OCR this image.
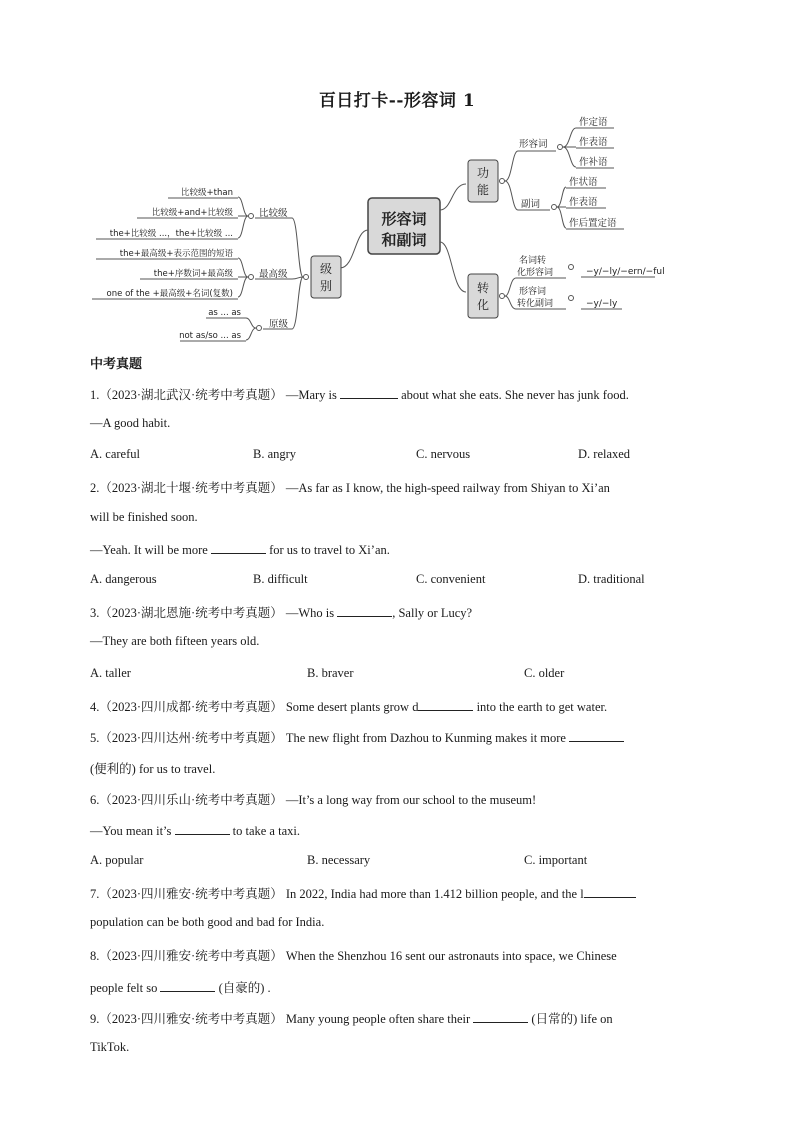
百日打卡--形容词 1
形容词
和副词
功
能
形容词
作定语
作表语
作补语
副词
作状语
作表语
作后置定语
转
化
名词转
化形容词	−y/−ly/−ern/−ful
形容词
转化副词	−y/−ly
级
别
比较级
比较级+than
比较级+and+比较级
the+比较级 ...，the+比较级 ...
最高级
the+最高级+表示范围的短语
the+序数词+最高级
one of the +最高级+名词(复数)
原级
as ... as
not as/so ... as
中考真题
1.（2023·湖北武汉·统考中考真题） —Mary is	about what she eats. She never has junk food.
—A good habit.
A. careful	B. angry	C. nervous	D. relaxed
2.（2023·湖北十堰·统考中考真题） —As far as I know, the high-speed railway from Shiyan to Xi’an
will be finished soon.
—Yeah. It will be more	for us to travel to Xi’an.
A. dangerous	B. difficult	C. convenient	D. traditional
3.（2023·湖北恩施·统考中考真题） —Who is	, Sally or Lucy?
—They are both fifteen years old.
A. taller	B. braver	C. older
4.（2023·四川成都·统考中考真题） Some desert plants grow d	into the earth to get water.
5.（2023·四川达州·统考中考真题） The new flight from Dazhou to Kunming makes it more
(便利的) for us to travel.
6.（2023·四川乐山·统考中考真题） —It’s a long way from our school to the museum!
—You mean it’s	to take a taxi.
A. popular	B. necessary	C. important
7.（2023·四川雅安·统考中考真题） In 2022, India had more than 1.412 billion people, and the l
population can be both good and bad for India.
8.（2023·四川雅安·统考中考真题） When the Shenzhou 16 sent our astronauts into space, we Chinese
people felt so	(自豪的) .
9.（2023·四川雅安·统考中考真题） Many young people often share their	(日常的) life on
TikTok.
